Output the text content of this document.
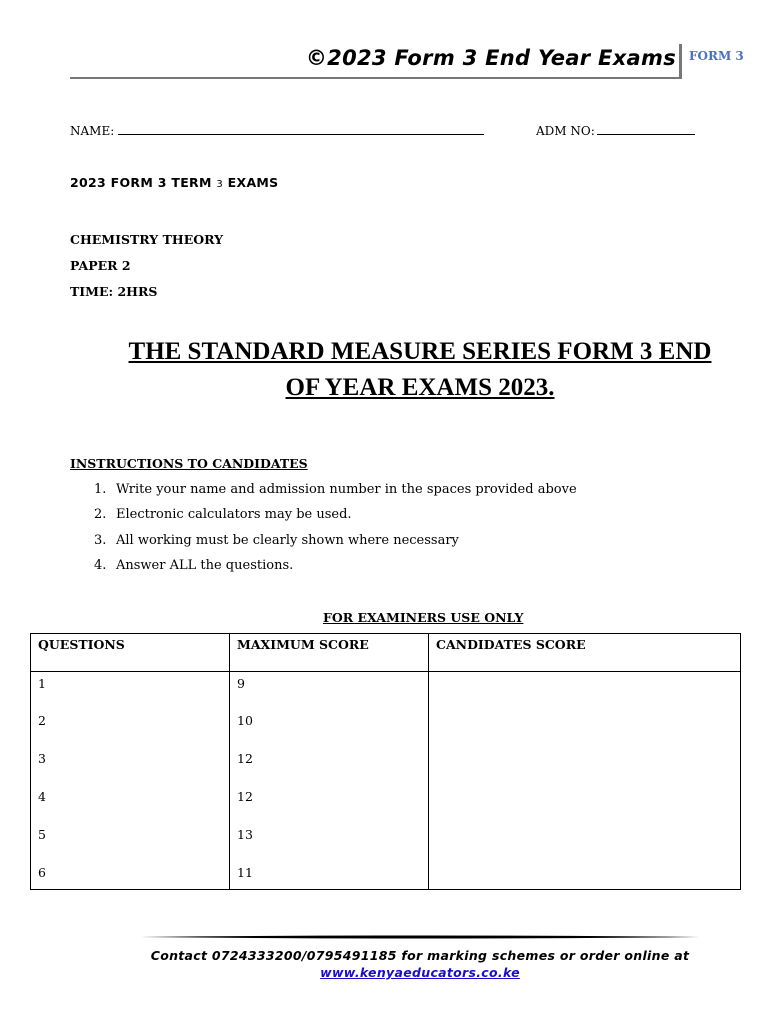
©2023 Form 3 End Year Exams FORM 3
NAME:	ADM NO:
2023 FORM 3 TERM 3 EXAMS
CHEMISTRY THEORY
PAPER 2
TIME: 2HRS
THE STANDARD MEASURE SERIES FORM 3 END
OF YEAR EXAMS 2023.
INSTRUCTIONS TO CANDIDATES
1. Write your name and admission number in the spaces provided above
2. Electronic calculators may be used.
3. All working must be clearly shown where necessary
4. Answer ALL the questions.
FOR EXAMINERS USE ONLY
QUESTIONS	MAXIMUM SCORE	CANDIDATES SCORE
1	9	
2	10	
3	12	
4	12	
5	13	
6	11	
Contact 0724333200/0795491185 for marking schemes or order online at
www.kenyaeducators.co.ke
